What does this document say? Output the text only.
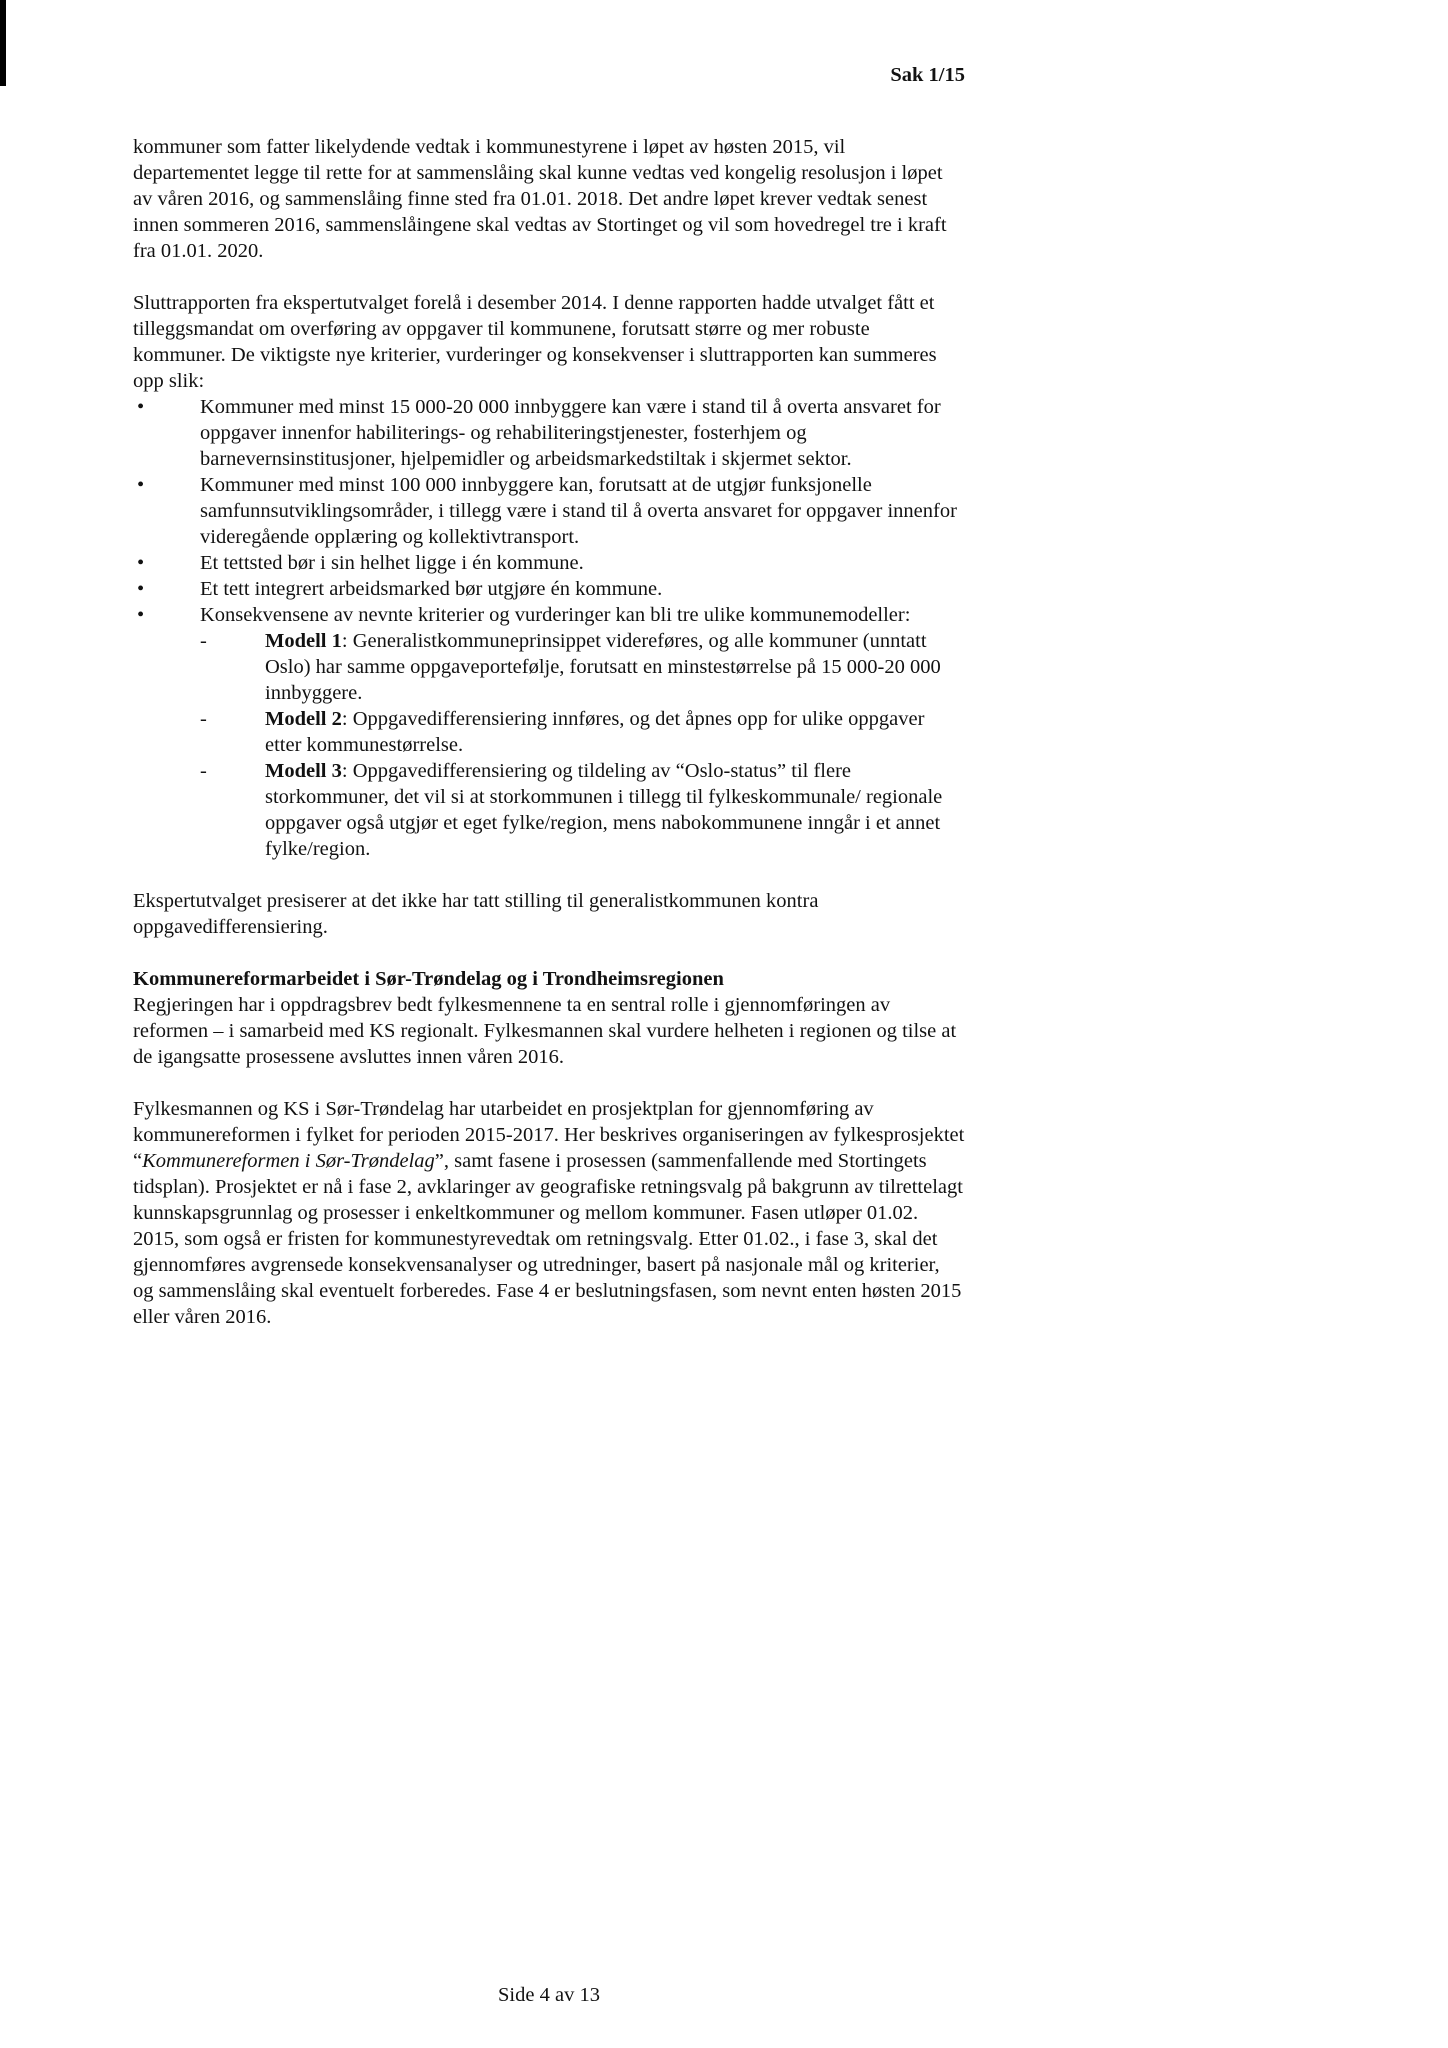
Sak 1/15

kommuner som fatter likelydende vedtak i kommunestyrene i løpet av høsten 2015, vil departementet legge til rette for at sammenslåing skal kunne vedtas ved kongelig resolusjon i løpet av våren 2016, og sammenslåing finne sted fra 01.01. 2018. Det andre løpet krever vedtak senest innen sommeren 2016, sammenslåingene skal vedtas av Stortinget og vil som hovedregel tre i kraft fra 01.01. 2020.

Sluttrapporten fra ekspertutvalget forelå i desember 2014. I denne rapporten hadde utvalget fått et tilleggsmandat om overføring av oppgaver til kommunene, forutsatt større og mer robuste kommuner. De viktigste nye kriterier, vurderinger og konsekvenser i sluttrapporten kan summeres opp slik:

•	Kommuner med minst 15 000-20 000 innbyggere kan være i stand til å overta ansvaret for oppgaver innenfor habiliterings- og rehabiliteringstjenester, fosterhjem og barnevernsinstitusjoner, hjelpemidler og arbeidsmarkedstiltak i skjermet sektor.
•	Kommuner med minst 100 000 innbyggere kan, forutsatt at de utgjør funksjonelle samfunnsutviklingsområder, i tillegg være i stand til å overta ansvaret for oppgaver innenfor videregående opplæring og kollektivtransport.
•	Et tettsted bør i sin helhet ligge i én kommune.
•	Et tett integrert arbeidsmarked bør utgjøre én kommune.
•	Konsekvensene av nevnte kriterier og vurderinger kan bli tre ulike kommunemodeller:
-	Modell 1: Generalistkommuneprinsippet videreføres, og alle kommuner (unntatt Oslo) har samme oppgaveportefølje, forutsatt en minstestørrelse på 15 000-20 000 innbyggere.
-	Modell 2: Oppgavedifferensiering innføres, og det åpnes opp for ulike oppgaver etter kommunestørrelse.
-	Modell 3: Oppgavedifferensiering og tildeling av “Oslo-status” til flere storkommuner, det vil si at storkommunen i tillegg til fylkeskommunale/ regionale oppgaver også utgjør et eget fylke/region, mens nabokommunene inngår i et annet fylke/region.

Ekspertutvalget presiserer at det ikke har tatt stilling til generalistkommunen kontra oppgavedifferensiering.

Kommunereformarbeidet i Sør-Trøndelag og i Trondheimsregionen

Regjeringen har i oppdragsbrev bedt fylkesmennene ta en sentral rolle i gjennomføringen av reformen – i samarbeid med KS regionalt. Fylkesmannen skal vurdere helheten i regionen og tilse at de igangsatte prosessene avsluttes innen våren 2016.

Fylkesmannen og KS i Sør-Trøndelag har utarbeidet en prosjektplan for gjennomføring av kommunereformen i fylket for perioden 2015-2017. Her beskrives organiseringen av fylkesprosjektet “Kommunereformen i Sør-Trøndelag”, samt fasene i prosessen (sammenfallende med Stortingets tidsplan). Prosjektet er nå i fase 2, avklaringer av geografiske retningsvalg på bakgrunn av tilrettelagt kunnskapsgrunnlag og prosesser i enkeltkommuner og mellom kommuner. Fasen utløper 01.02. 2015, som også er fristen for kommunestyrevedtak om retningsvalg. Etter 01.02., i fase 3, skal det gjennomføres avgrensede konsekvensanalyser og utredninger, basert på nasjonale mål og kriterier, og sammenslåing skal eventuelt forberedes. Fase 4 er beslutningsfasen, som nevnt enten høsten 2015 eller våren 2016.

Side 4 av 13
